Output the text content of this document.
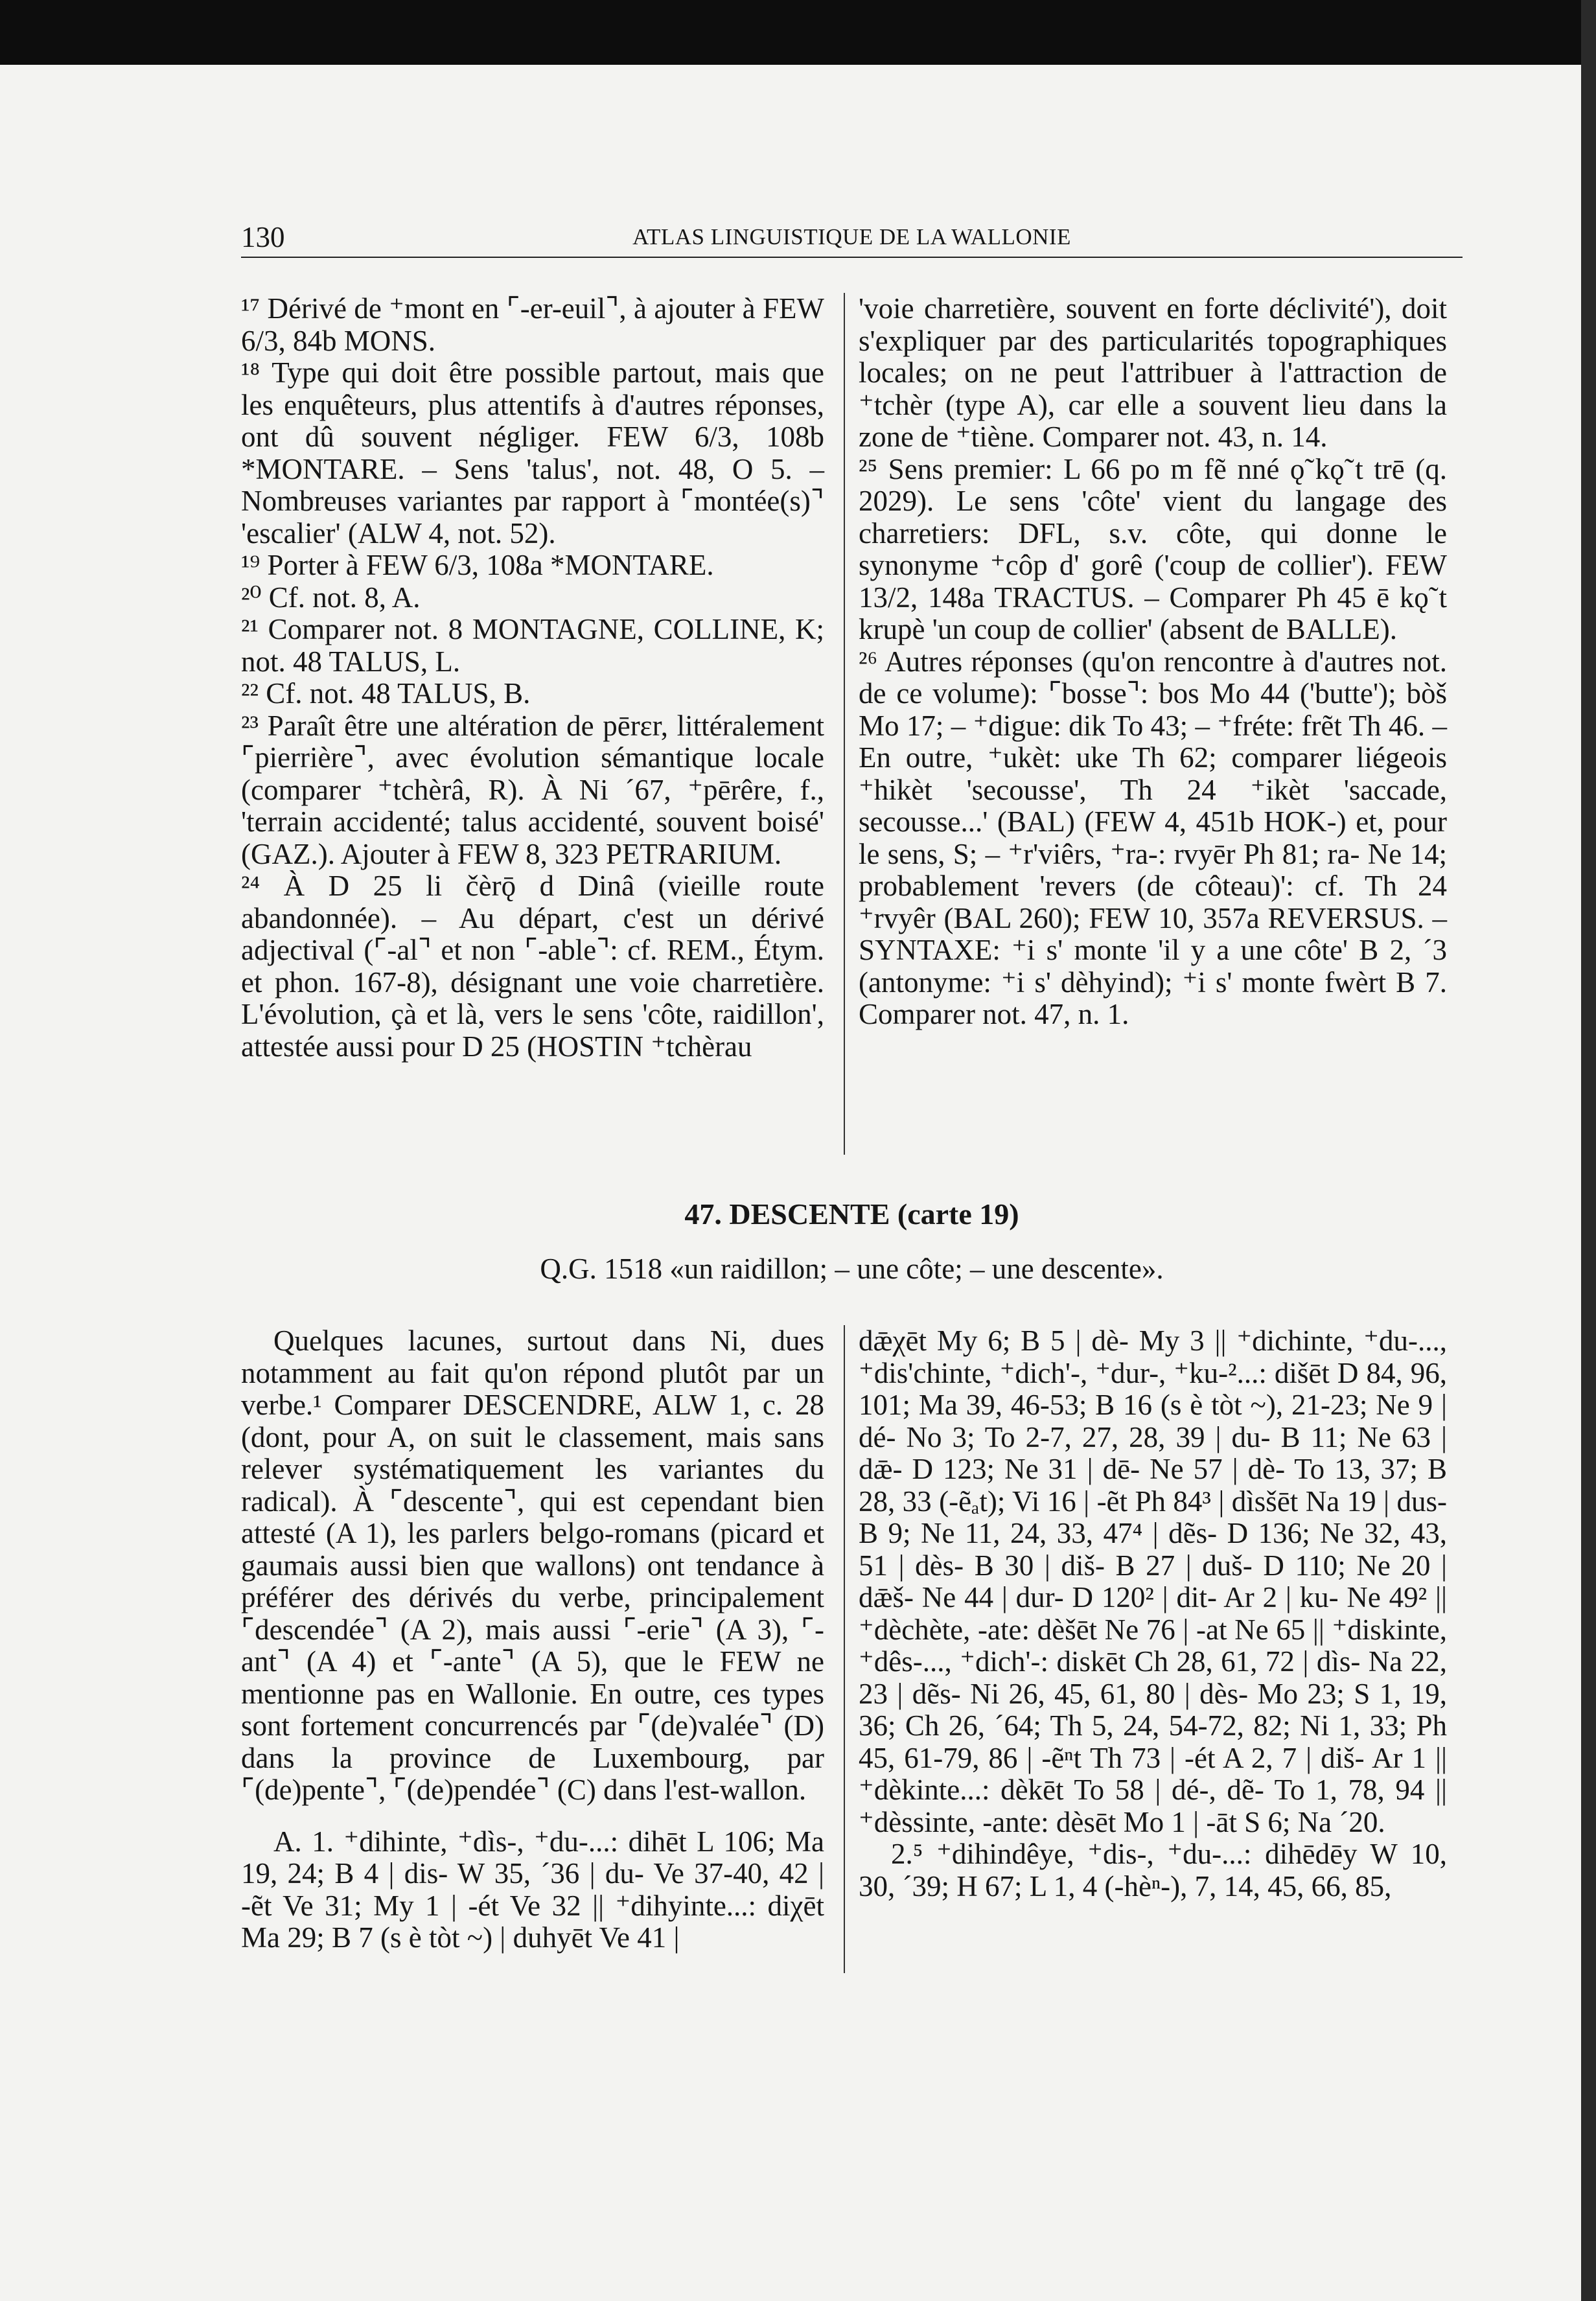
130	ATLAS LINGUISTIQUE DE LA WALLONIE

¹⁷ Dérivé de ⁺mont en ⌜-er-euil⌝, à ajouter à FEW 6/3, 84b MONS.

¹⁸ Type qui doit être possible partout, mais que les enquêteurs, plus attentifs à d'autres réponses, ont dû souvent négliger. FEW 6/3, 108b *MONTARE. – Sens 'talus', not. 48, O 5. – Nombreuses variantes par rapport à ⌜montée(s)⌝ 'escalier' (ALW 4, not. 52).

¹⁹ Porter à FEW 6/3, 108a *MONTARE.

²⁰ Cf. not. 8, A.

²¹ Comparer not. 8 MONTAGNE, COLLINE, K; not. 48 TALUS, L.

²² Cf. not. 48 TALUS, B.

²³ Paraît être une altération de pērɛr, littéralement ⌜pierrière⌝, avec évolution sémantique locale (comparer ⁺tchèrâ, R). À Ni ´67, ⁺pērêre, f., 'terrain accidenté; talus accidenté, souvent boisé' (GAZ.). Ajouter à FEW 8, 323 PETRARIUM.

²⁴ À D 25 li čèrǭ d Dinâ (vieille route abandonnée). – Au départ, c'est un dérivé adjectival (⌜-al⌝ et non ⌜-able⌝: cf. REM., Étym. et phon. 167-8), désignant une voie charretière. L'évolution, çà et là, vers le sens 'côte, raidillon', attestée aussi pour D 25 (HOSTIN ⁺tchèrau

'voie charretière, souvent en forte déclivité'), doit s'expliquer par des particularités topographiques locales; on ne peut l'attribuer à l'attraction de ⁺tchèr (type A), car elle a souvent lieu dans la zone de ⁺tiène. Comparer not. 43, n. 14.

²⁵ Sens premier: L 66 po m fẽ nné ǫ̃ kǫ̃ t trē (q. 2029). Le sens 'côte' vient du langage des charretiers: DFL, s.v. côte, qui donne le synonyme ⁺côp d' gorê ('coup de collier'). FEW 13/2, 148a TRACTUS. – Comparer Ph 45 ē kǫ̃ t krupè 'un coup de collier' (absent de BALLE).

²⁶ Autres réponses (qu'on rencontre à d'autres not. de ce volume): ⌜bosse⌝: bos Mo 44 ('butte'); bòš Mo 17; – ⁺digue: dik To 43; – ⁺fréte: frẽt Th 46. – En outre, ⁺ukèt: uke Th 62; comparer liégeois ⁺hikèt 'secousse', Th 24 ⁺ikèt 'saccade, secousse...' (BAL) (FEW 4, 451b HOK-) et, pour le sens, S; – ⁺r'viêrs, ⁺ra-: rvyēr Ph 81; ra- Ne 14; probablement 'revers (de côteau)': cf. Th 24 ⁺rvyêr (BAL 260); FEW 10, 357a REVERSUS. – SYNTAXE: ⁺i s' monte 'il y a une côte' B 2, ´3 (antonyme: ⁺i s' dèhyind); ⁺i s' monte fwèrt B 7. Comparer not. 47, n. 1.

47. DESCENTE (carte 19)
Q.G. 1518 «un raidillon; – une côte; – une descente».

Quelques lacunes, surtout dans Ni, dues notamment au fait qu'on répond plutôt par un verbe.¹ Comparer DESCENDRE, ALW 1, c. 28 (dont, pour A, on suit le classement, mais sans relever systématiquement les variantes du radical). À ⌜descente⌝, qui est cependant bien attesté (A 1), les parlers belgo-romans (picard et gaumais aussi bien que wallons) ont tendance à préférer des dérivés du verbe, principalement ⌜descendée⌝ (A 2), mais aussi ⌜-erie⌝ (A 3), ⌜-ant⌝ (A 4) et ⌜-ante⌝ (A 5), que le FEW ne mentionne pas en Wallonie. En outre, ces types sont fortement concurrencés par ⌜(de)valée⌝ (D) dans la province de Luxembourg, par ⌜(de)pente⌝, ⌜(de)pendée⌝ (C) dans l'est-wallon.

A. 1. ⁺dihinte, ⁺dìs-, ⁺du-...: dihēt L 106; Ma 19, 24; B 4 | dis- W 35, ´36 | du- Ve 37-40, 42 | -ẽt Ve 31; My 1 | -ét Ve 32 || ⁺dihyinte...: diχēt Ma 29; B 7 (s è tòt ~) | duhyēt Ve 41 |

dǣχēt My 6; B 5 | dè- My 3 || ⁺dichinte, ⁺du-..., ⁺dis'chinte, ⁺dich'-, ⁺dur-, ⁺ku-²...: dišēt D 84, 96, 101; Ma 39, 46-53; B 16 (s è tòt ~), 21-23; Ne 9 | dé- No 3; To 2-7, 27, 28, 39 | du- B 11; Ne 63 | dǣ- D 123; Ne 31 | dē- Ne 57 | dè- To 13, 37; B 28, 33 (-ẽₐt); Vi 16 | -ẽt Ph 84³ | dìsšēt Na 19 | dus- B 9; Ne 11, 24, 33, 47⁴ | dẽs- D 136; Ne 32, 43, 51 | dès- B 30 | diš- B 27 | duš- D 110; Ne 20 | dǣš- Ne 44 | dur- D 120² | dit- Ar 2 | ku- Ne 49² || ⁺dèchète, -ate: dèšēt Ne 76 | -at Ne 65 || ⁺diskinte, ⁺dês-..., ⁺dich'-: diskēt Ch 28, 61, 72 | dìs- Na 22, 23 | dẽs- Ni 26, 45, 61, 80 | dès- Mo 23; S 1, 19, 36; Ch 26, ´64; Th 5, 24, 54-72, 82; Ni 1, 33; Ph 45, 61-79, 86 | -ẽⁿt Th 73 | -ét A 2, 7 | diš- Ar 1 || ⁺dèkinte...: dèkēt To 58 | dé-, dẽ- To 1, 78, 94 || ⁺dèssinte, -ante: dèsēt Mo 1 | -āt S 6; Na ´20.

2.⁵ ⁺dihindêye, ⁺dis-, ⁺du-...: dihēdēy W 10, 30, ´39; H 67; L 1, 4 (-hèⁿ-), 7, 14, 45, 66, 85,
